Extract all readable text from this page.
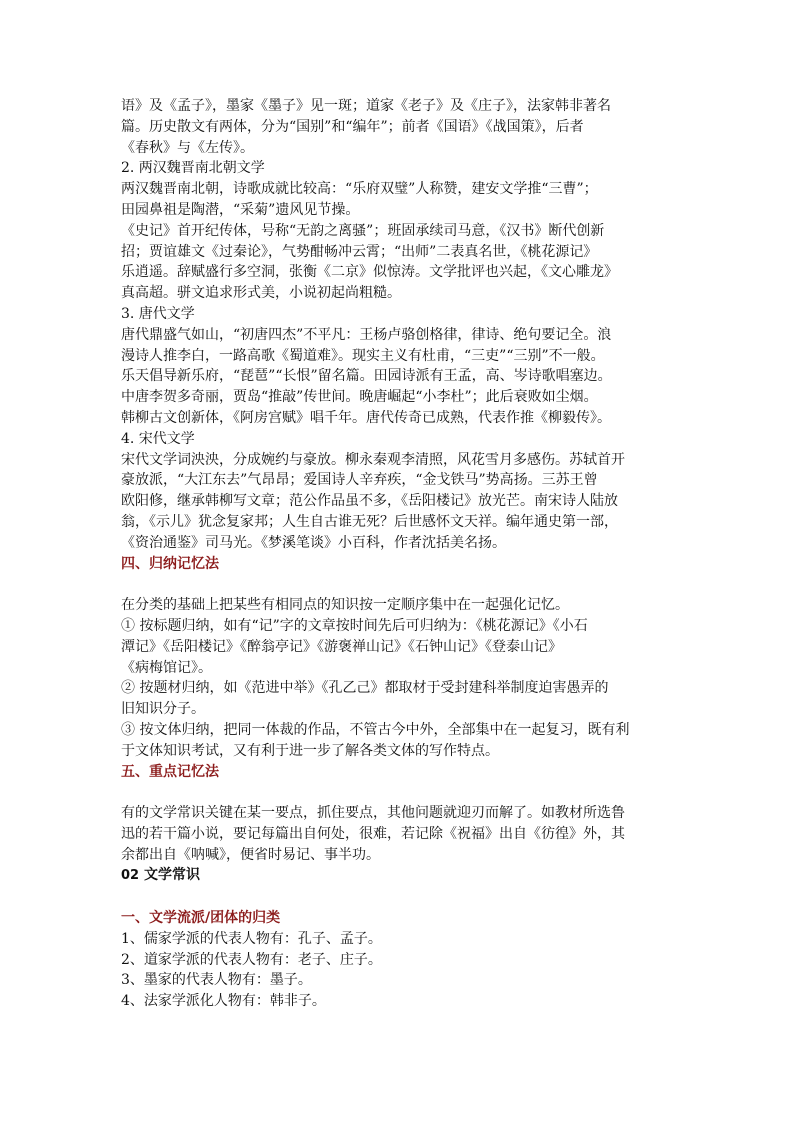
语》及《孟子》，墨家《墨子》见一斑；道家《老子》及《庄子》，法家韩非著名
篇。历史散文有两体，分为“国别”和“编年”；前者《国语》《战国策》，后者
《春秋》与《左传》。
2. 两汉魏晋南北朝文学
两汉魏晋南北朝，诗歌成就比较高：“乐府双璧”人称赞，建安文学推“三曹”；
田园鼻祖是陶潜，“采菊”遗风见节操。
《史记》首开纪传体，号称“无韵之离骚”；班固承续司马意，《汉书》断代创新
招；贾谊雄文《过秦论》，气势酣畅冲云霄；“出师”二表真名世，《桃花源记》
乐逍遥。辞赋盛行多空洞，张衡《二京》似惊涛。文学批评也兴起，《文心雕龙》
真高超。骈文追求形式美，小说初起尚粗糙。
3. 唐代文学
唐代鼎盛气如山，“初唐四杰”不平凡：王杨卢骆创格律，律诗、绝句要记全。浪
漫诗人推李白，一路高歌《蜀道难》。现实主义有杜甫，“三吏”“三别”不一般。
乐天倡导新乐府，“琵琶”“长恨”留名篇。田园诗派有王孟，高、岑诗歌唱塞边。
中唐李贺多奇丽，贾岛“推敲”传世间。晚唐崛起“小李杜”；此后衰败如尘烟。
韩柳古文创新体，《阿房宫赋》唱千年。唐代传奇已成熟，代表作推《柳毅传》。
4. 宋代文学
宋代文学词泱泱，分成婉约与豪放。柳永秦观李清照，风花雪月多感伤。苏轼首开
豪放派，“大江东去”气昂昂；爱国诗人辛弃疾，“金戈铁马”势高扬。三苏王曾
欧阳修，继承韩柳写文章；范公作品虽不多，《岳阳楼记》放光芒。南宋诗人陆放
翁，《示儿》犹念复家邦；人生自古谁无死？后世感怀文天祥。编年通史第一部，
《资治通鉴》司马光。《梦溪笔谈》小百科，作者沈括美名扬。
四、归纳记忆法
在分类的基础上把某些有相同点的知识按一定顺序集中在一起强化记忆。
① 按标题归纳，如有“记”字的文章按时间先后可归纳为：《桃花源记》《小石
潭记》《岳阳楼记》《醉翁亭记》《游褒禅山记》《石钟山记》《登泰山记》
《病梅馆记》。
② 按题材归纳，如《范进中举》《孔乙己》都取材于受封建科举制度迫害愚弄的
旧知识分子。
③ 按文体归纳，把同一体裁的作品，不管古今中外，全部集中在一起复习，既有利
于文体知识考试，又有利于进一步了解各类文体的写作特点。
五、重点记忆法
有的文学常识关键在某一要点，抓住要点，其他问题就迎刃而解了。如教材所选鲁
迅的若干篇小说，要记每篇出自何处，很难，若记除《祝福》出自《彷徨》外，其
余都出自《呐喊》，便省时易记、事半功。
02 文学常识
一、文学流派/团体的归类
1、儒家学派的代表人物有：孔子、孟子。
2、道家学派的代表人物有：老子、庄子。
3、墨家的代表人物有：墨子。
4、法家学派化人物有：韩非子。
